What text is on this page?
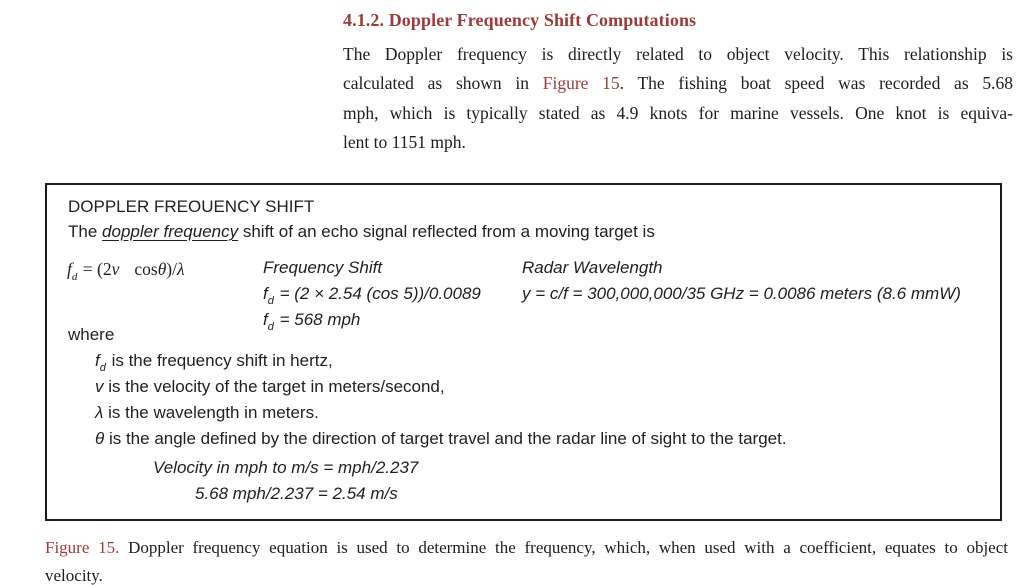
4.1.2. Doppler Frequency Shift Computations
The Doppler frequency is directly related to object velocity. This relationship is
calculated as shown in Figure 15. The fishing boat speed was recorded as 5.68
mph, which is typically stated as 4.9 knots for marine vessels. One knot is equiva-
lent to 1151 mph.
DOPPLER FREOUENCY SHIFT
The doppler frequency shift of an echo signal reflected from a moving target is
fd = (2v cosθ)/λ	Frequency Shift
fd = (2 × 2.54 (cos 5))/0.0089
fd = 568 mph
Radar Wavelength
y = c/f = 300,000,000/35 GHz = 0.0086 meters (8.6 mmW)
where
fd is the frequency shift in hertz,
v is the velocity of the target in meters/second,
λ is the wavelength in meters.
θ is the angle defined by the direction of target travel and the radar line of sight to the target.
Velocity in mph to m/s = mph/2.237
5.68 mph/2.237 = 2.54 m/s
Figure 15. Doppler frequency equation is used to determine the frequency, which, when used with a coefficient, equates to object
velocity.
